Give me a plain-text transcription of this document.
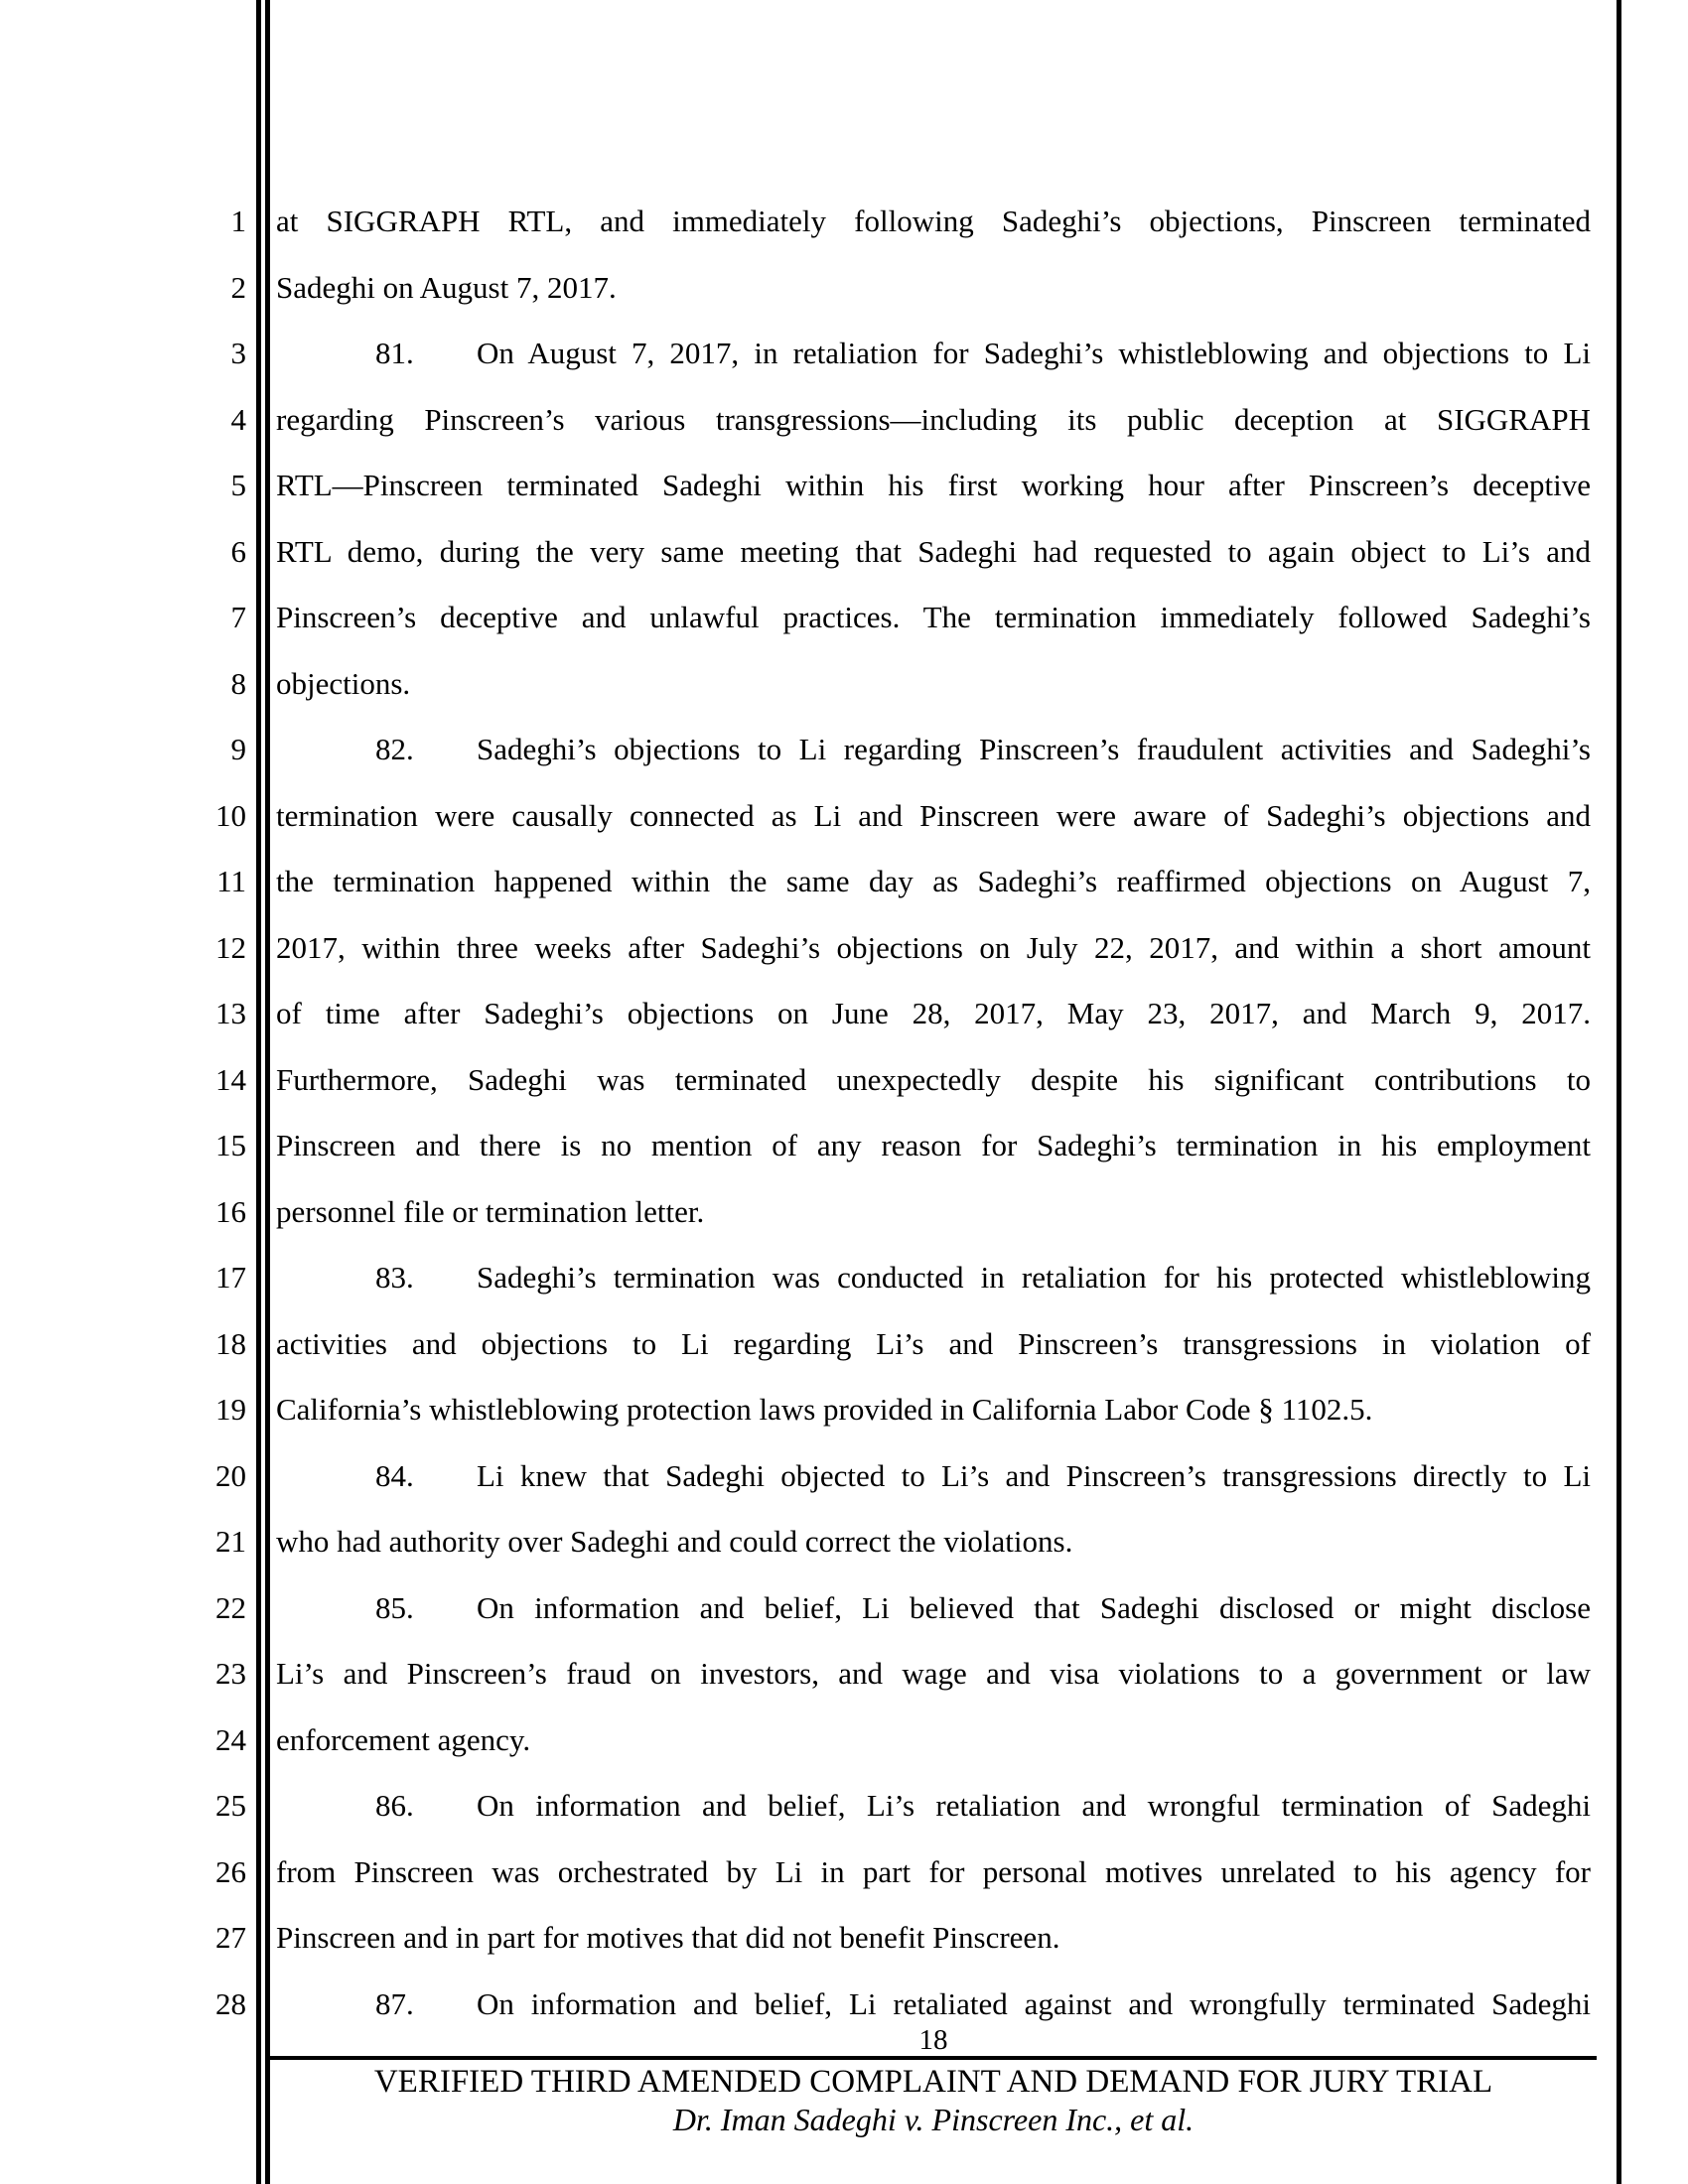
1 at SIGGRAPH RTL, and immediately following Sadeghi’s objections, Pinscreen terminated
2 Sadeghi on August 7, 2017.
3	81. On August 7, 2017, in retaliation for Sadeghi’s whistleblowing and objections to Li
4 regarding Pinscreen’s various transgressions—including its public deception at SIGGRAPH
5 RTL—Pinscreen terminated Sadeghi within his first working hour after Pinscreen’s deceptive
6 RTL demo, during the very same meeting that Sadeghi had requested to again object to Li’s and
7 Pinscreen’s deceptive and unlawful practices. The termination immediately followed Sadeghi’s
8 objections.
9	82. Sadeghi’s objections to Li regarding Pinscreen’s fraudulent activities and Sadeghi’s
10 termination were causally connected as Li and Pinscreen were aware of Sadeghi’s objections and
11 the termination happened within the same day as Sadeghi’s reaffirmed objections on August 7,
12 2017, within three weeks after Sadeghi’s objections on July 22, 2017, and within a short amount
13 of time after Sadeghi’s objections on June 28, 2017, May 23, 2017, and March 9, 2017.
14 Furthermore, Sadeghi was terminated unexpectedly despite his significant contributions to
15 Pinscreen and there is no mention of any reason for Sadeghi’s termination in his employment
16 personnel file or termination letter.
17	83. Sadeghi’s termination was conducted in retaliation for his protected whistleblowing
18 activities and objections to Li regarding Li’s and Pinscreen’s transgressions in violation of
19 California’s whistleblowing protection laws provided in California Labor Code § 1102.5.
20	84. Li knew that Sadeghi objected to Li’s and Pinscreen’s transgressions directly to Li
21 who had authority over Sadeghi and could correct the violations.
22	85. On information and belief, Li believed that Sadeghi disclosed or might disclose
23 Li’s and Pinscreen’s fraud on investors, and wage and visa violations to a government or law
24 enforcement agency.
25	86. On information and belief, Li’s retaliation and wrongful termination of Sadeghi
26 from Pinscreen was orchestrated by Li in part for personal motives unrelated to his agency for
27 Pinscreen and in part for motives that did not benefit Pinscreen.
28	87. On information and belief, Li retaliated against and wrongfully terminated Sadeghi
18
VERIFIED THIRD AMENDED COMPLAINT AND DEMAND FOR JURY TRIAL
Dr. Iman Sadeghi v. Pinscreen Inc., et al.
